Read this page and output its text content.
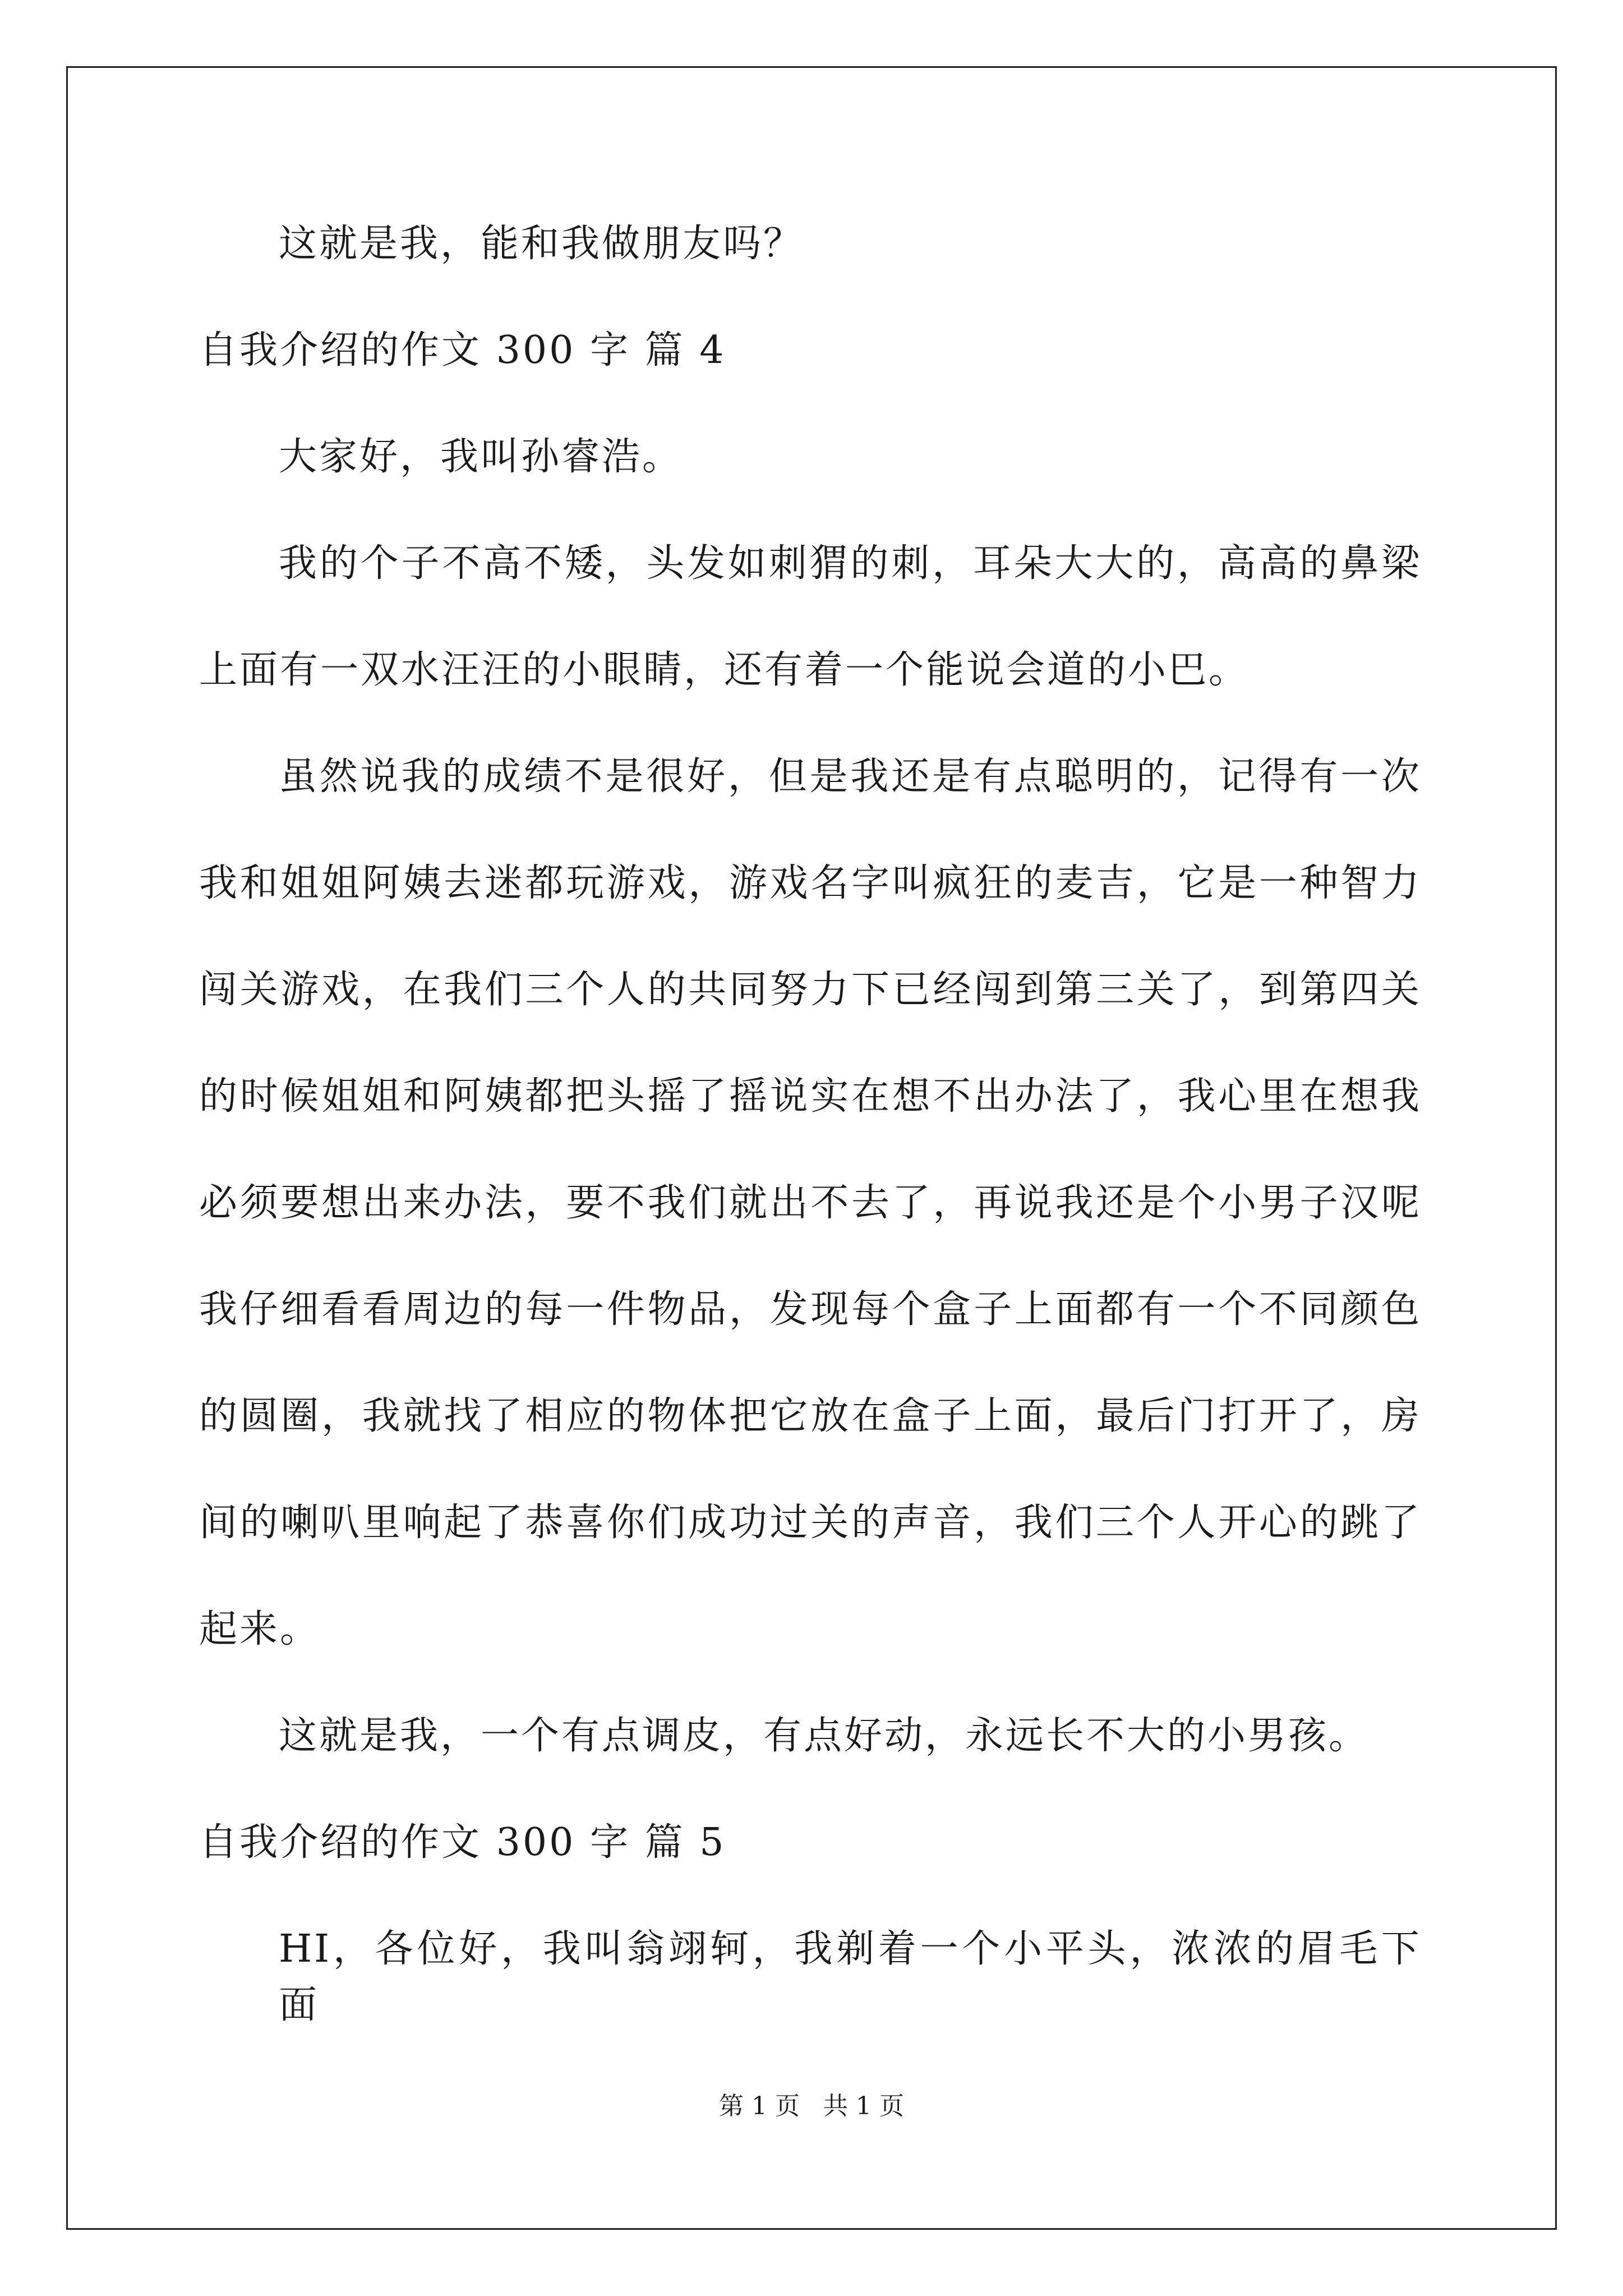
这就是我，能和我做朋友吗？
自我介绍的作文 300 字 篇 4
大家好，我叫孙睿浩。
我的个子不高不矮，头发如刺猬的刺，耳朵大大的，高高的鼻梁
上面有一双水汪汪的小眼睛，还有着一个能说会道的小巴。
虽然说我的成绩不是很好，但是我还是有点聪明的，记得有一次
我和姐姐阿姨去迷都玩游戏，游戏名字叫疯狂的麦吉，它是一种智力
闯关游戏，在我们三个人的共同努力下已经闯到第三关了，到第四关
的时候姐姐和阿姨都把头摇了摇说实在想不出办法了，我心里在想我
必须要想出来办法，要不我们就出不去了，再说我还是个小男子汉呢
我仔细看看周边的每一件物品，发现每个盒子上面都有一个不同颜色
的圆圈，我就找了相应的物体把它放在盒子上面，最后门打开了，房
间的喇叭里响起了恭喜你们成功过关的声音，我们三个人开心的跳了
起来。
这就是我，一个有点调皮，有点好动，永远长不大的小男孩。
自我介绍的作文 300 字 篇 5
HI，各位好，我叫翁翊轲，我剃着一个小平头，浓浓的眉毛下面
第 1 页   共 1 页
